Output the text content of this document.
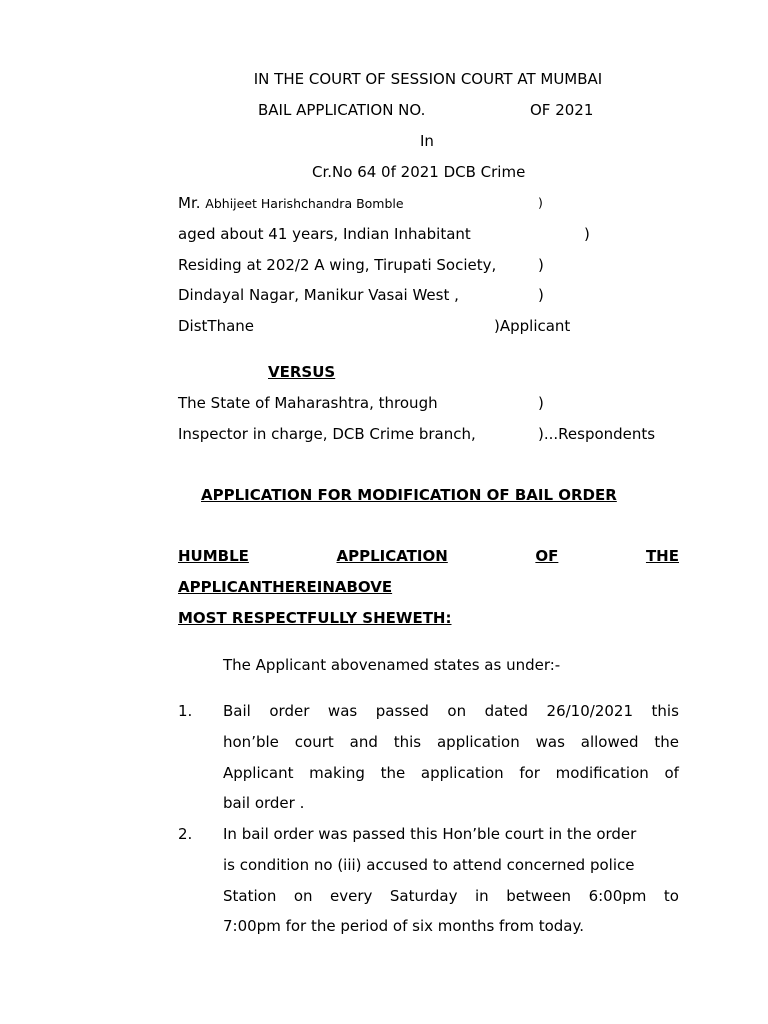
IN THE COURT OF SESSION COURT AT MUMBAI
BAIL APPLICATION NO.	OF 2021
In
Cr.No 64 0f 2021 DCB Crime
Mr. Abhijeet Harishchandra Bomble	)
aged about 41 years, Indian Inhabitant	)
Residing at 202/2 A wing, Tirupati Society,	)
Dindayal Nagar, Manikur Vasai West ,	)
DistThane	)Applicant
VERSUS
The State of Maharashtra, through	)
Inspector in charge, DCB Crime branch,	)...Respondents
APPLICATION FOR MODIFICATION OF BAIL ORDER
HUMBLE	APPLICATION	OF	THE
APPLICANTHEREINABOVE
MOST RESPECTFULLY SHEWETH:
The Applicant abovenamed states as under:-
1. Bail order was passed on dated 26/10/2021 this
hon’ble court and this application was allowed the
Applicant making the application for modification of
bail order .
2. In bail order was passed this Hon’ble court in the order
is condition no (iii) accused to attend concerned police
Station on every Saturday in between 6:00pm to
7:00pm for the period of six months from today.
